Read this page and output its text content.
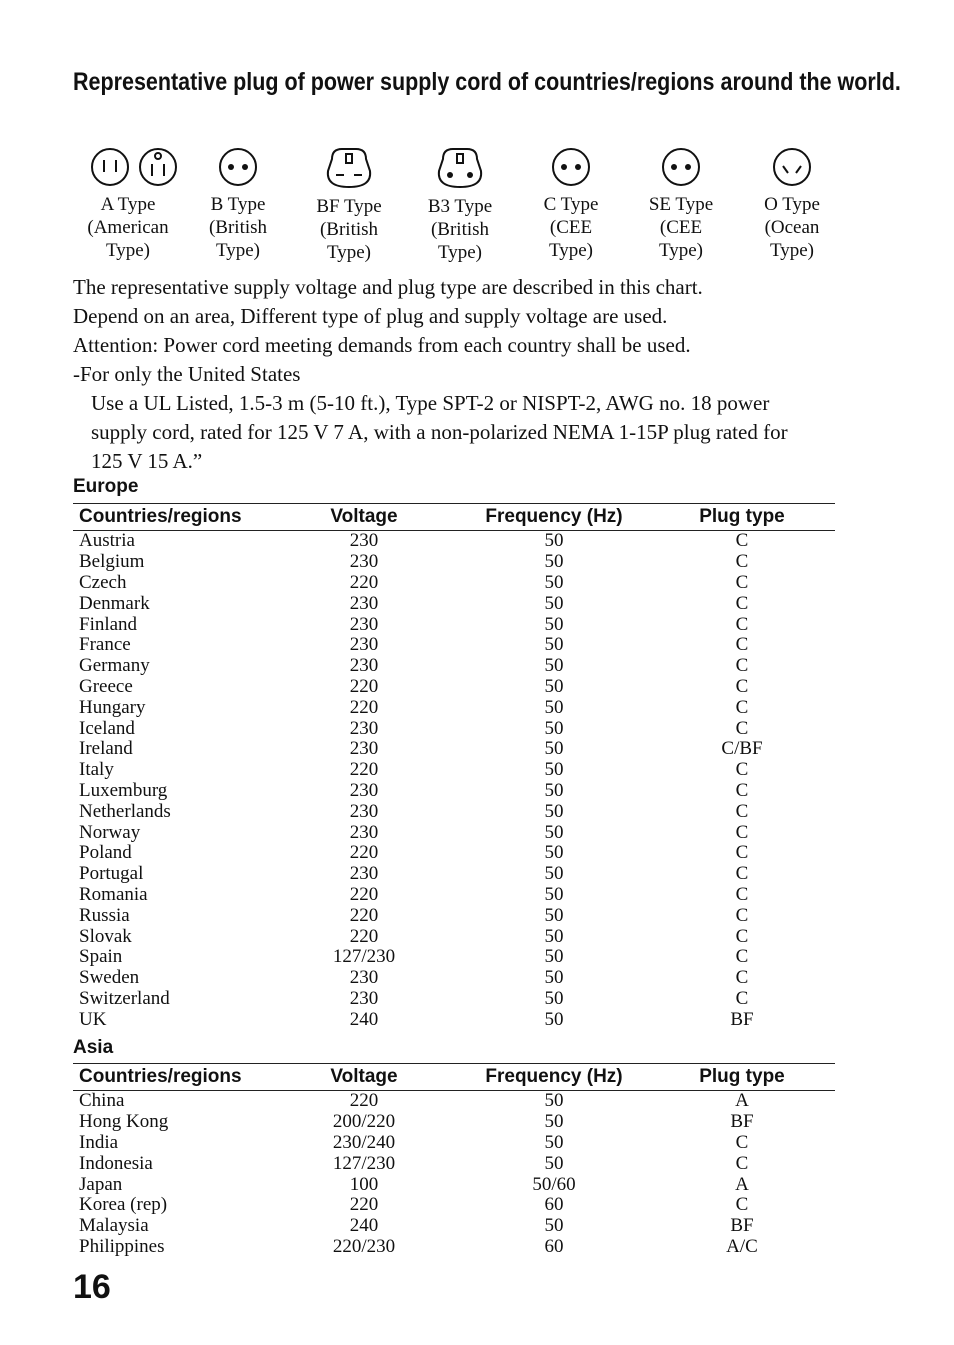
Representative plug of power supply cord of countries/regions around the world.
A Type
(American
Type)
B Type
(British
Type)
BF Type
(British
Type)
B3 Type
(British
Type)
C Type
(CEE
Type)
SE Type
(CEE
Type)
O Type
(Ocean
Type)
The representative supply voltage and plug type are described in this chart.
Depend on an area, Different type of plug and supply voltage are used.
Attention: Power cord meeting demands from each country shall be used.
-For only the United States
Use a UL Listed, 1.5-3 m (5-10 ft.), Type SPT-2 or NISPT-2, AWG no. 18 power
supply cord, rated for 125 V 7 A, with a non-polarized NEMA 1-15P plug rated for
125 V 15 A.”
Europe
Countries/regions	Voltage	Frequency (Hz)	Plug type
Austria	230	50	C
Belgium	230	50	C
Czech	220	50	C
Denmark	230	50	C
Finland	230	50	C
France	230	50	C
Germany	230	50	C
Greece	220	50	C
Hungary	220	50	C
Iceland	230	50	C
Ireland	230	50	C/BF
Italy	220	50	C
Luxemburg	230	50	C
Netherlands	230	50	C
Norway	230	50	C
Poland	220	50	C
Portugal	230	50	C
Romania	220	50	C
Russia	220	50	C
Slovak	220	50	C
Spain	127/230	50	C
Sweden	230	50	C
Switzerland	230	50	C
UK	240	50	BF
Asia
Countries/regions	Voltage	Frequency (Hz)	Plug type
China	220	50	A
Hong Kong	200/220	50	BF
India	230/240	50	C
Indonesia	127/230	50	C
Japan	100	50/60	A
Korea (rep)	220	60	C
Malaysia	240	50	BF
Philippines	220/230	60	A/C
16
